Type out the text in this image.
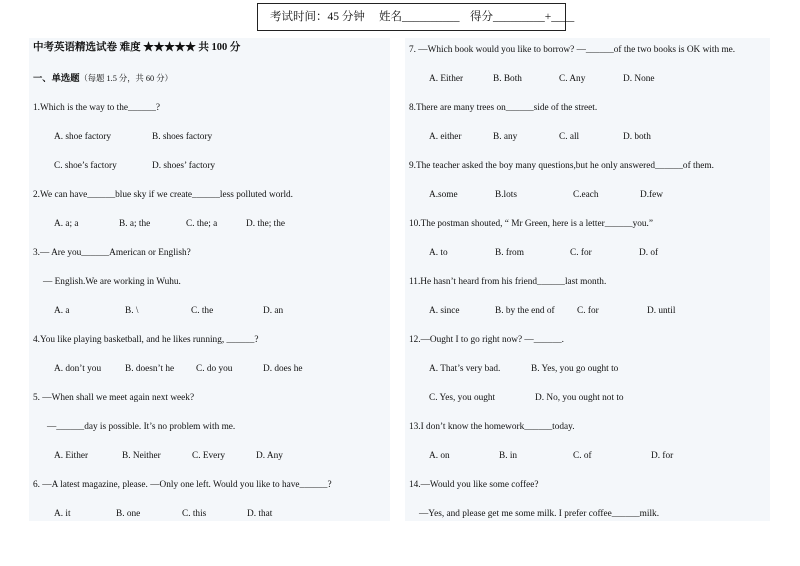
考试时间：45 分钟 姓名__________ 得分_________+____
中考英语精选试卷 难度 ★★★★★ 共 100 分
一、单选题（每题 1.5 分，共 60 分）
1.Which is the way to the______?
A. shoe factory	B. shoes factory
C. shoe’s factory	D. shoes’ factory
2.We can have______blue sky if we create______less polluted world.
A. a; a	B. a; the	C. the; a	D. the; the
3.— Are you______American or English?
— English.We are working in Wuhu.
A. a	B. \	C. the	D. an
4.You like playing basketball, and he likes running, ______?
A. don’t you	B. doesn’t he C. do you	D. does he
5. —When shall we meet again next week?
—______day is possible. It’s no problem with me.
A. Either	B. Neither	C. Every	D. Any
6. —A latest magazine, please. —Only one left. Would you like to have______?
A. it	B. one	C. this	D. that
7. —Which book would you like to borrow? —______of the two books is OK with me.
A. Either	B. Both	C. Any	D. None
8.There are many trees on______side of the street.
A. either	B. any	C. all	D. both
9.The teacher asked the boy many questions,but he only answered______of them.
A.some	B.lots	C.each	D.few
10.The postman shouted, “ Mr Green, here is a letter______you.”
A. to	B. from	C. for	D. of
11.He hasn’t heard from his friend______last month.
A. since	B. by the end of C. for	D. until
12.—Ought I to go right now? —______.
A. That’s very bad.	B. Yes, you go ought to
C. Yes, you ought	D. No, you ought not to
13.I don’t know the homework______today.
A. on	B. in	C. of	D. for
14.—Would you like some coffee?
—Yes, and please get me some milk. I prefer coffee______milk.
